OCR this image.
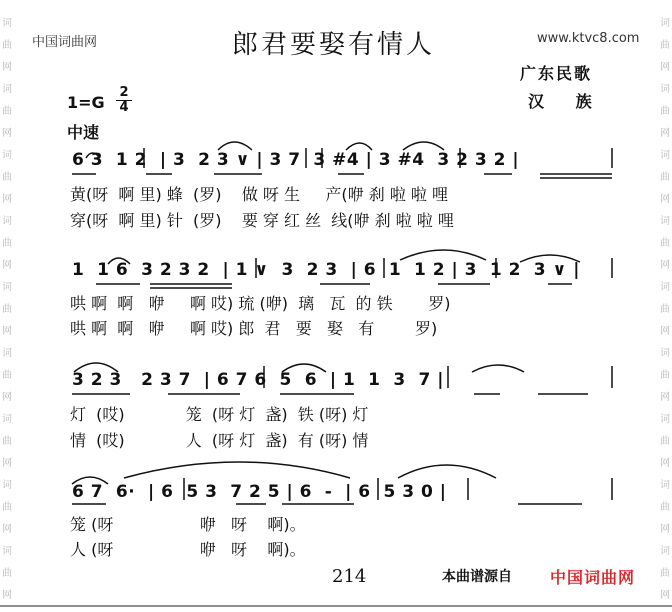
词
曲
网
词
曲
网
词
曲
网
词
曲
网
词
曲
网
词
曲
网
词
曲
网
词
曲
网
词
曲
网
词
曲
网
词
曲
网
词
曲
网
词
曲
网
词
曲
网
词
曲
网
词
曲
网
词
曲
网
词
曲
网
中国词曲网	www.ktvc8.com
郎君要娶有情人
广东民歌
汉 族
1=G
2
4
中速
6 3  1 2  | 3  2 3 ∨ | 3 7  3 #4 | 3 #4  3 2 3 2 |
黄(呀  啊 里) 蜂  (罗)    做 呀 生     产(咿 刹 啦 啦 哩
穿(呀  啊 里) 针  (罗)    要 穿 红 丝  线(咿 刹 啦 啦 哩
1  1 6  3 2 3 2  | 1 ∨  3  2 3  | 6  1  1 2 | 3  1 2  3 ∨ |
哄 啊  啊   咿     啊 哎) 琉 (咿)  璃   瓦  的 铁       罗)
哄 啊  啊   咿     啊 哎) 郎  君   要   娶   有        罗)
3 2 3   2 3 7  | 6 7 6  5  6  | 1  1  3  7 |
灯  (哎)            笼  (呀 灯  盏)  铁 (呀) 灯
情  (哎)            人  (呀 灯  盏)  有 (呀) 情
6 7  6·  | 6  5 3  7 2 5 | 6  -  | 6  5 3 0 |
笼 (呀                 咿   呀    啊)。
人 (呀                 咿   呀    啊)。
214	本曲谱源自 中国词曲网
